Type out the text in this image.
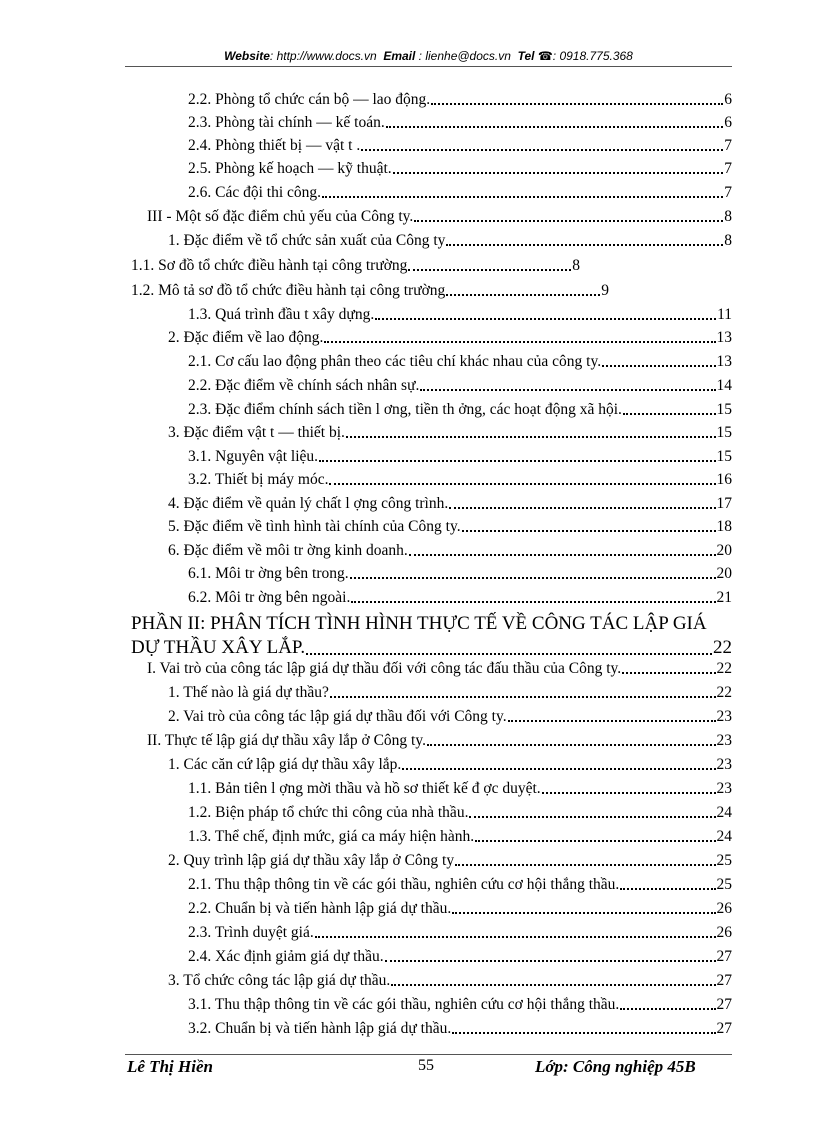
Website: http://www.docs.vn Email : lienhe@docs.vn Tel ☎: 0918.775.368
2.2. Phòng tổ chức cán bộ — lao động.	6
2.3. Phòng tài chính — kế toán.	6
2.4. Phòng thiết bị — vật t .	7
2.5. Phòng kế hoạch — kỹ thuật.	7
2.6. Các đội thi công.	7
III - Một số đặc điểm chủ yếu của Công ty.	8
1. Đặc điểm về tổ chức sản xuất của Công ty	8
1.1. Sơ đồ tổ chức điều hành tại công trường	8
1.2. Mô tả sơ đồ tổ chức điều hành tại công trường	9
1.3. Quá trình đầu t xây dựng.	11
2. Đặc điểm về lao động.	13
2.1. Cơ cấu lao động phân theo các tiêu chí khác nhau của công ty.	13
2.2. Đặc điểm về chính sách nhân sự.	14
2.3. Đặc điểm chính sách tiền l ơng, tiền th ởng, các hoạt động xã hội.	15
3. Đặc điểm vật t — thiết bị.	15
3.1. Nguyên vật liệu.	15
3.2. Thiết bị máy móc.	16
4. Đặc điểm về quản lý chất l ợng công trình.	17
5. Đặc điểm về tình hình tài chính của Công ty.	18
6. Đặc điểm về môi tr ờng kinh doanh.	20
6.1. Môi tr ờng bên trong.	20
6.2. Môi tr ờng bên ngoài.	21
PHẦN II: PHÂN TÍCH TÌNH HÌNH THỰC TẾ VỀ CÔNG TÁC LẬP GIÁ
DỰ THẦU XÂY LẮP.	22
I. Vai trò của công tác lập giá dự thầu đối với công tác đấu thầu của Công ty.	22
1. Thế nào là giá dự thầu?	22
2. Vai trò của công tác lập giá dự thầu đối với Công ty.	23
II. Thực tế lập giá dự thầu xây lắp ở Công ty.	23
1. Các căn cứ lập giá dự thầu xây lắp.	23
1.1. Bản tiên l ợng mời thầu và hồ sơ thiết kế đ ợc duyệt.	23
1.2. Biện pháp tổ chức thi công của nhà thầu.	24
1.3. Thể chế, định mức, giá ca máy hiện hành.	24
2. Quy trình lập giá dự thầu xây lắp ở Công ty	25
2.1. Thu thập thông tin về các gói thầu, nghiên cứu cơ hội thắng thầu.	25
2.2. Chuẩn bị và tiến hành lập giá dự thầu.	26
2.3. Trình duyệt giá.	26
2.4. Xác định giảm giá dự thầu.	27
3. Tổ chức công tác lập giá dự thầu.	27
3.1. Thu thập thông tin về các gói thầu, nghiên cứu cơ hội thắng thầu.	27
3.2. Chuẩn bị và tiến hành lập giá dự thầu.	27
Lê Thị Hiền	55	Lớp: Công nghiệp 45B
